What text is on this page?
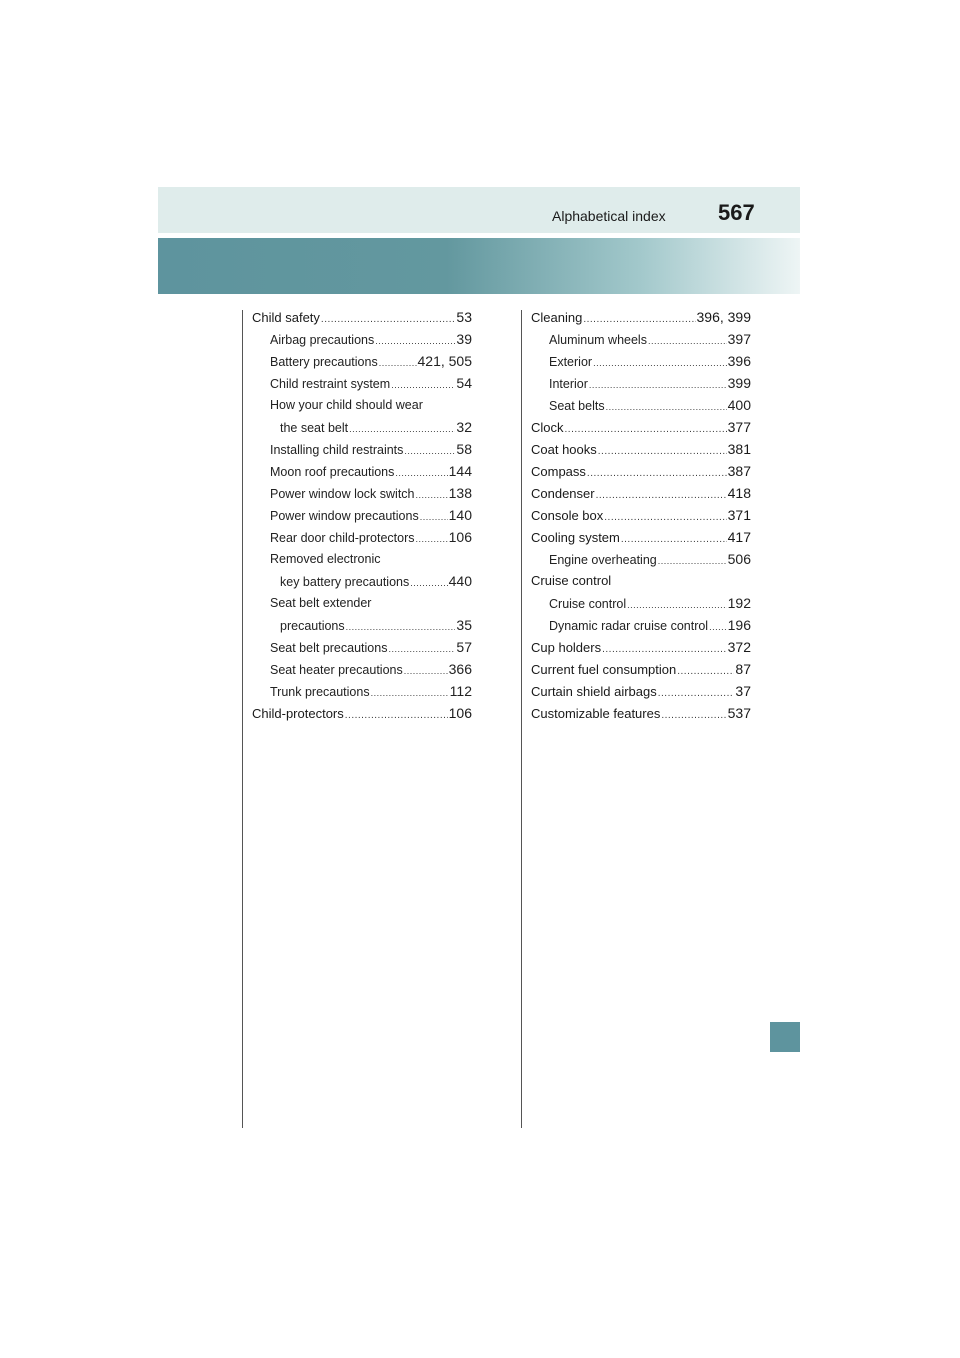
Alphabetical index 567
Child safety .....	53
Airbag precautions .....	39
Battery precautions .....	421, 505
Child restraint system .....	54
How your child should wear
the seat belt .....	32
Installing child restraints .....	58
Moon roof precautions .....	144
Power window lock switch ..... 138
Power window precautions ..... 140
Rear door child-protectors ..... 106
Removed electronic
key battery precautions .....	440
Seat belt extender
precautions .....	35
Seat belt precautions .....	57
Seat heater precautions .....	366
Trunk precautions .....	112
Child-protectors .....	106
Cleaning .....	396, 399
Aluminum wheels .....	397
Exterior .....	396
Interior .....	399
Seat belts .....	400
Clock .....	377
Coat hooks .....	381
Compass .....	387
Condenser .....	418
Console box .....	371
Cooling system .....	417
Engine overheating .....	506
Cruise control
Cruise control .....	192
Dynamic radar cruise control ..... 196
Cup holders .....	372
Current fuel consumption .....	87
Curtain shield airbags .....	37
Customizable features .....	537
